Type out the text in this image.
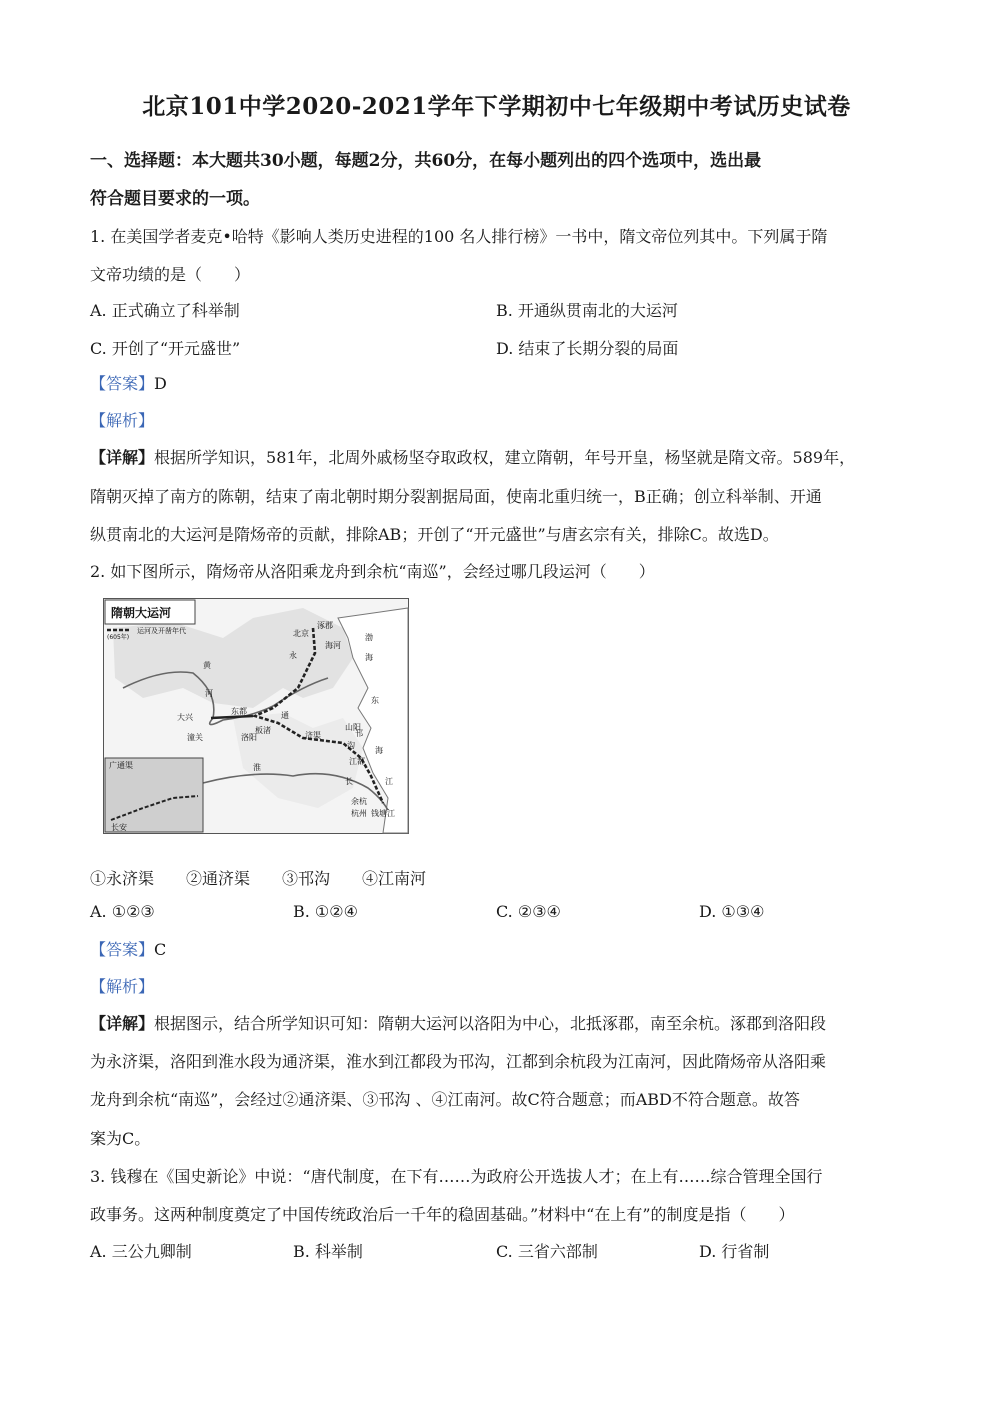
北京101中学2020-2021学年下学期初中七年级期中考试历史试卷
一、选择题：本大题共30小题，每题2分，共60分，在每小题列出的四个选项中，选出最
符合题目要求的一项。
1. 在美国学者麦克•哈特《影响人类历史进程的100 名人排行榜》一书中，隋文帝位列其中。下列属于隋
文帝功绩的是（　　）
A. 正式确立了科举制	B. 开通纵贯南北的大运河
C. 开创了“开元盛世”	D. 结束了长期分裂的局面
【答案】D
【解析】
【详解】根据所学知识，581年，北周外戚杨坚夺取政权，建立隋朝，年号开皇，杨坚就是隋文帝。589年，
隋朝灭掉了南方的陈朝，结束了南北朝时期分裂割据局面，使南北重归统一，B正确；创立科举制、开通
纵贯南北的大运河是隋炀帝的贡献，排除AB；开创了“开元盛世”与唐玄宗有关，排除C。故选D。
2. 如下图所示，隋炀帝从洛阳乘龙舟到余杭“南巡”，会经过哪几段运河（　　）
隋朝大运河
(605年)
运河及开凿年代
涿郡
北京
海河
渤
海
东
海
黄
河
大兴
潼关
东都
洛阳
板渚
淮
济渠
通
永
沟
邗
山阳
江都
长	江
余杭
杭州 钱塘江
广通渠
长安
①永济渠　　②通济渠　　③邗沟　　④江南河
A. ①②③	B. ①②④	C. ②③④	D. ①③④
【答案】C
【解析】
【详解】根据图示，结合所学知识可知：隋朝大运河以洛阳为中心，北抵涿郡，南至余杭。涿郡到洛阳段
为永济渠，洛阳到淮水段为通济渠，淮水到江都段为邗沟，江都到余杭段为江南河，因此隋炀帝从洛阳乘
龙舟到余杭“南巡”，会经过②通济渠、③邗沟 、④江南河。故C符合题意；而ABD不符合题意。故答
案为C。
3. 钱穆在《国史新论》中说：“唐代制度，在下有……为政府公开选拔人才；在上有……综合管理全国行
政事务。这两种制度奠定了中国传统政治后一千年的稳固基础。”材料中“在上有”的制度是指（　　）
A. 三公九卿制	B. 科举制	C. 三省六部制	D. 行省制
